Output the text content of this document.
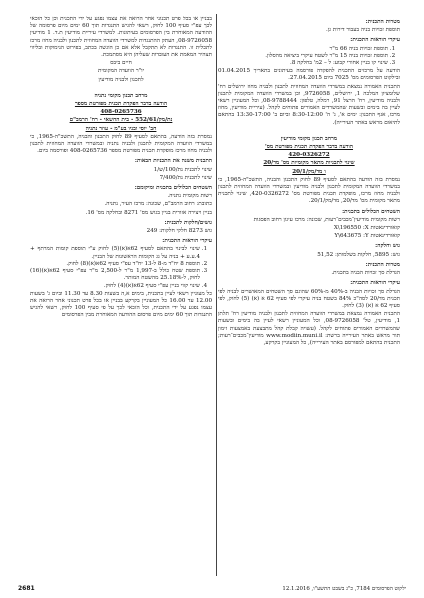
מטרות התכנית:

תוספת זכויות בניה בעבור דירות גן.

עיקרי הוראות התכנית:

1. תוספת זכויות בניה 66 מ"ר
2. תוספת זכויות בניה 15 מ"ר לשטח עיקרי ביציאה מהסלון.
3. שינוי קו בניין אחורי קבוע: ל – 2מ' בחלקה 8.

הודעה על מרכזים התכנית להפקדה פורסמה בעיתונים בתאריך 01.04.2015 ובילקוט הפרסומים מס' 7025 ביום 27.04.2015.

התכנית האמורה נמצאת במשרדי הוועדה המחוזית לתכנון ולבניה מחוז ירושלים רח' שלומציון המלכה 1, ירושלים, 9726058, וכן במשרדי הוועדה המקומית לתכנון ולבניה מודיעין, רח' הרצל 91, רמלה, טלפון: 08-9788444, וכל המעוניין רשאי לעיין בה בימים ובשעות שהמשרדים האמורים פתוחים לקהל. (עיריית מודיעין, מחוז מרכז, אגף התכנון: ימים א', ג' ה' 8:30-12:00 וביום ב' 13:30-17:00 בהתאם לתיאום מראש באתר העירייה).

מרחב תכנון מקומי מודיעין

הודעה בדבר הפקדת תכנית מפורטת מס'

420-0326272

שינוי לתכניות מתאר מקומיות מס' מד/20

ו מד/מק/20/1

נמסרת בזה הודעה בהתאם לסעיף 89 לחוק התכנון והבניה, התשכ"ה-1965, כי במשרדי הוועדה המקומית לתכנון ולבניה מודיעין ובמשרדי הוועדה המחוזית לתכנון ולבניה מחוז מרכז, מופקדת תכנית מפורטת מס' 420-0326272, שינוי לתכנית מתאר מקומית מס' מד/20, מד/מק/20/1.

השטחים הכלולים בתכנית:

רשות מקומית מודיעין־מכבים־רעות, שכונה: מרכז עיגון רחוב הפסגות

קואורדינאטות X\196550 :X

קואורדינאטות Y\643675 :Y

גוש וחלקה:

גוש: 5895, חלקות בשלמותן: 51,52

מטרות התכנית:

הגדלת סך זכויות הבניה בתכנית.

עיקרי הוראות התכנית:

הגדלת סך זכויות הבניה ב-40% מ-60% שהוגם סך השטחים המאושרים לבניה לפי תכנית מד/20 לסה"כ 84% בשטח בניה עיקרי לפי סעיף 62 א (א) (5) לחוק, לפי סעיף 62 א (א) (3) לחוק.

התכנית האמורה נמצאת במשרדי הוועדה המחוזית לתכנון ולבניה מודיעין רח' תלתן 1, מודיעין, טל' 08-9726058, וכל המעוניין רשאי לעיין בה בימים ובשעות שהמשרדים האמורים פתוחים לקהל. (עשויה קבלת קהל מתבצעת באמצעות זימון תור מראש באתר העירייה ברשת: www.modiin.muni.il מודיעין־מכבים־רעות; התכנית בהתאם למפורסם באתר העירייה), כל המעוניין בקרקע,

בבניין או בכל פרט תכנוני אחר הרואה את עצמו נפגע על ידי התכנית וכן כל הזכאי לכך עפ"י סעיף 100 לחוק, רשאי להגיש התנגדות תוך 60 ימים מיום פרסומה של ההודעה המאוחרת בין הפרסומים בעיתונות. למשרדי עיריית מודיעין ת.ד. 1 מודיעין 08-9726058, העתק ההתנגדות למשרדי הוועדה המחוזית לתכנון ולבניה מחוז מרכז לתכלית זו. התנגדות לא תתקבל אלא אם כן הוגשה בכתב, בפירוט הנימוקות ובליווי תצהיר המאמת את העובדות שעליהן היא מסתמכת.

חיים ביבס

יו"ר הוועדה המקומית

לתכנון ולבניה מודיעין

מרחב תכנון מקומי נתניה

הודעה בדבר הפקדת תכנית מפורטת מספר

408-0265736

נת/מק/552/61 - בית החשאי - רח' הרמב"ם

חב' יוסי ובניו בע"מ - עוזר נתניה

נמסרת בזה הודעה, בהתאם לסעיף 89 לחוק התכנון והבניה, התשכ"ה-1965, כי במשרדי הוועדה המקומית לתכנון ולבניה נתניה ובמשרדי הוועדה המחוזית לתכנון ולבניה מחוז מרכז מופקדת תכנית מפורטת מספר 408-0265736 ופורסמה ביום.

התכנית משנה את התכניות הבאות:

שינוי לתכנית נת/100/ש/1

שינוי לתכנית נת/7/400

השטחים הכלולים בתכנית ומיקומם:

רשות מקומית נתניה.

כתובת: רחוב הרמב"ם, שכונה: מרכז העיר, נתניה.

בניין ויצירה אזורית בניין בגוש מס' 8271 ובחלקה מס' 16.

גושים/חלקות לתכנית:

גוש 8273 חלקי חלקות: 249

עיקרי הוראות התכנית:

1. שינוי לבינוי בהתאם לסעיף 62א(א)(5) לחוק ע"י תוספת קומות המרתף + 4.ע.ע + בניה על גג הקומות הראשונות של הבניין.
2. תוספת 8 יח"ד מ-8 ל-13 יח"ד עפ"י סעיף 62א(א)(8) לחוק.
3. תוספת שטח כולל ב-1,997 מ"ר ל-2,500 מ"ר עפ"י סעיף 62א(א)(16) לחוק, ל-25.18% מהשטח המותר.
4. שינוי קווי בניין עפ"י סעיף 62א(א)(4) לחוק.

כל מעוניין רשאי לעיין בתכנית, בימים א,ה בשעות 8.30 עד 11.30 וביום ג' בשעות 12.00 עד 16.00 כל המעוניין בקרקע בבניין או בכל פרט תכנוני אחר הרואה את עצמו נפגע על ידי התכנית, וכל הזכאי לכך על פי סעיף 100 לחוק, רשאי להגיש התנגדות תוך 60 ימים מיום פרסום ההודעה המאוחרת מבין הפרסומים

ילקוט הפרסומים 7184, כ"ג בשבט התשע"ו, 12.1.2016
2681
